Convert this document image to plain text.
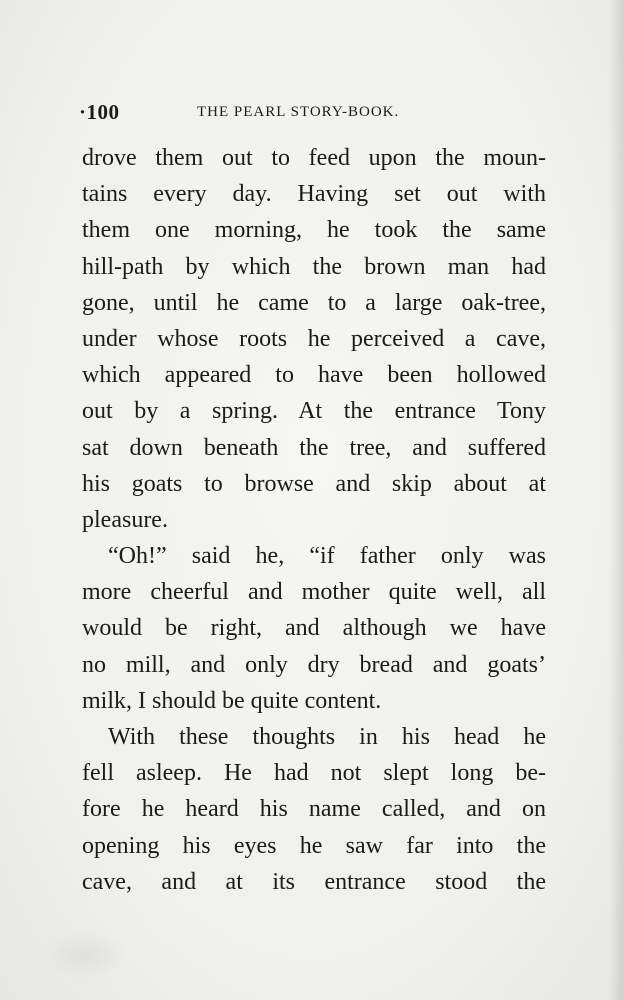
·100	THE PEARL STORY-BOOK.
drove them out to feed upon the moun-
tains every day. Having set out with
them one morning, he took the same
hill-path by which the brown man had
gone, until he came to a large oak-tree,
under whose roots he perceived a cave,
which appeared to have been hollowed
out by a spring. At the entrance Tony
sat down beneath the tree, and suffered
his goats to browse and skip about at
pleasure.
“Oh!” said he, “if father only was
more cheerful and mother quite well, all
would be right, and although we have
no mill, and only dry bread and goats’
milk, I should be quite content.
With these thoughts in his head he
fell asleep. He had not slept long be-
fore he heard his name called, and on
opening his eyes he saw far into the
cave, and at its entrance stood the
